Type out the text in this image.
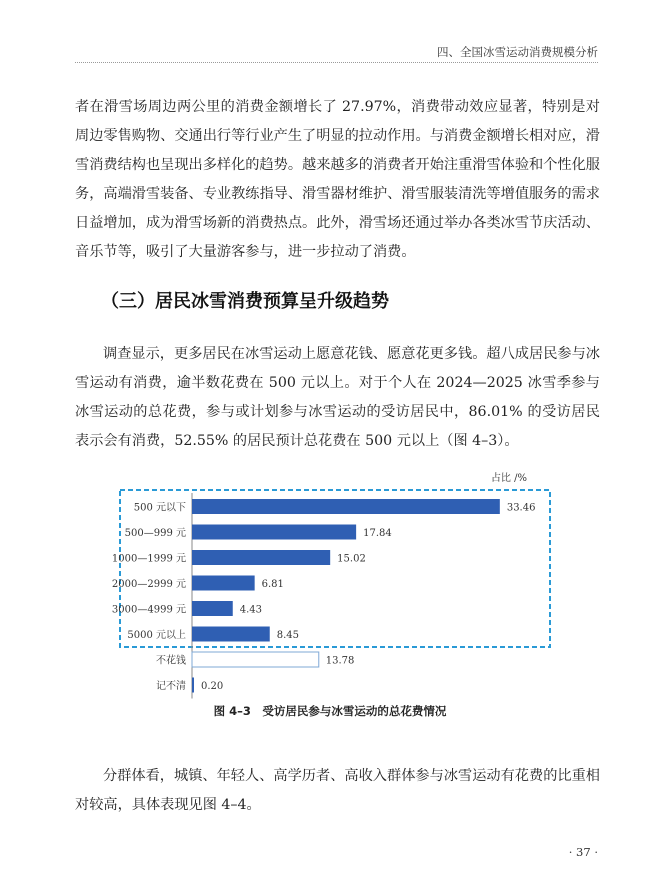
四、全国冰雪运动消费规模分析

者在滑雪场周边两公里的消费金额增长了 27.97%，消费带动效应显著，特别是对周边零售购物、交通出行等行业产生了明显的拉动作用。与消费金额增长相对应，滑雪消费结构也呈现出多样化的趋势。越来越多的消费者开始注重滑雪体验和个性化服务，高端滑雪装备、专业教练指导、滑雪器材维护、滑雪服装清洗等增值服务的需求日益增加，成为滑雪场新的消费热点。此外，滑雪场还通过举办各类冰雪节庆活动、音乐节等，吸引了大量游客参与，进一步拉动了消费。

（三）居民冰雪消费预算呈升级趋势

调查显示，更多居民在冰雪运动上愿意花钱、愿意花更多钱。超八成居民参与冰雪运动有消费，逾半数花费在 500 元以上。对于个人在 2024—2025 冰雪季参与冰雪运动的总花费，参与或计划参与冰雪运动的受访居民中，86.01% 的受访居民表示会有消费，52.55% 的居民预计总花费在 500 元以上（图 4–3）。

占比 /%
500 元以下	33.46
500—999 元	17.84
1000—1999 元	15.02
2000—2999 元	6.81
3000—4999 元	4.43
5000 元以上	8.45
不花钱	13.78
记不清 0.20
图 4–3　受访居民参与冰雪运动的总花费情况

分群体看，城镇、年轻人、高学历者、高收入群体参与冰雪运动有花费的比重相对较高，具体表现见图 4–4。

· 37 ·
